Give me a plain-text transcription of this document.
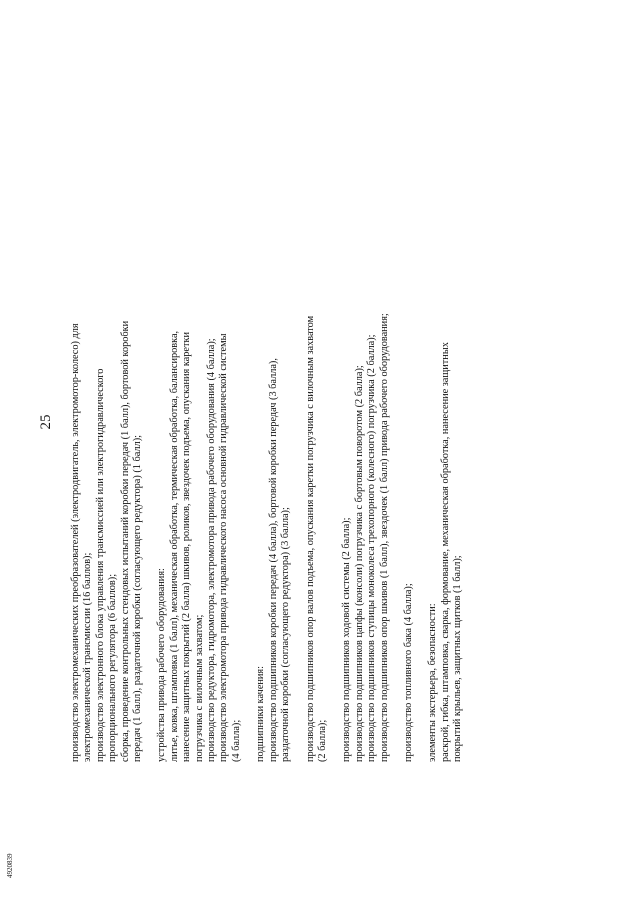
25 производство электромеханических преобразователей (электродвигатель, электромотор-колесо) для электромеханической трансмиссии (16 баллов); производство электронного блока управления трансмиссией или электрогидравлического пропорционального регулятора (6 баллов); сборка, проведение контрольных стендовых испытаний коробки передач (1 балл), бортовой коробки передач (1 балл), раздаточной коробки (согласующего редуктора) (1 балл); устройства привода рабочего оборудования: литье, ковка, штамповка (1 балл), механическая обработка, термическая обработка, балансировка, нанесение защитных покрытий (2 балла) шкивов, роликов, звездочек подъема, опускания каретки погрузчика с вилочным захватом; производство редуктора, гидромотора, электромотора привода рабочего оборудования (4 балла); производство электромотора привода гидравлического насоса основной гидравлической системы (4 балла); подшипники качения: производство подшипников коробки передач (4 балла), бортовой коробки передач (3 балла), раздаточной коробки (согласующего редуктора) (3 балла); производство подшипников опор валов подъема, опускания каретки погрузчика с вилочным захватом (2 балла); производство подшипников ходовой системы (2 балла); производство подшипников цапфы (консоли) погрузчика с бортовым поворотом (2 балла); производство подшипников ступицы моноколеса трехопорного (колесного) погрузчика (2 балла); производство подшипников опор шкивов (1 балл), звездочек (1 балл) привода рабочего оборудования; производство топливного бака (4 балла); элементы экстерьера, безопасности: раскрой, гибка, штамповка, сварка, формование, механическая обработка, нанесение защитных покрытий крыльев, защитных щитков (1 балл);
4920839
